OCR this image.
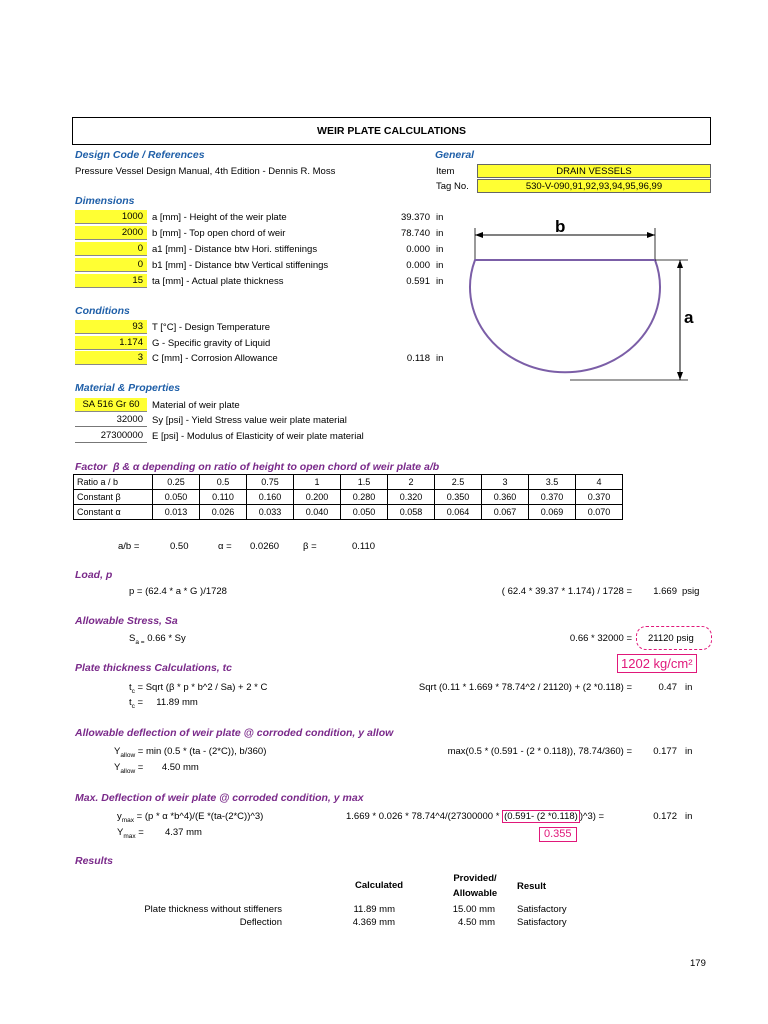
WEIR PLATE CALCULATIONS
Design Code / References
Pressure Vessel Design Manual, 4th Edition - Dennis R. Moss
General
Item	DRAIN VESSELS
Tag No.	530-V-090,91,92,93,94,95,96,99
Dimensions
1000 a [mm] - Height of the weir plate	39.370 in
2000 b [mm] - Top open chord of weir	78.740 in
0 a1 [mm] - Distance btw Hori. stiffenings	0.000 in
0 b1 [mm] - Distance btw Vertical stiffenings	0.000 in
15 ta [mm] - Actual plate thickness	0.591 in
b
a
Conditions
93 T [°C] - Design Temperature
1.174 G - Specific gravity of Liquid
3 C [mm] - Corrosion Allowance	0.118 in
Material & Properties
SA 516 Gr 60	Material of weir plate
32000 Sy [psi] - Yield Stress value weir plate material
27300000 E [psi] - Modulus of Elasticity of weir plate material
Factor β & α depending on ratio of height to open chord of weir plate a/b
Ratio a / b	0.25	0.5	0.75	1	1.5	2	2.5	3	3.5	4
Constant β	0.050	0.110	0.160	0.200	0.280	0.320	0.350	0.360	0.370	0.370
Constant α	0.013	0.026	0.033	0.040	0.050	0.058	0.064	0.067	0.069	0.070
a/b =	0.50	α = 0.0260	β =	0.110
Load, p
p = (62.4 * a * G )/1728	( 62.4 * 39.37 * 1.174) / 1728 =	1.669 psig
Allowable Stress, Sa
$S_{a =}$ 0.66 * Sy	0.66 * 32000 = 21120 psig
1202 kg/cm²
Plate thickness Calculations, tc
$t_c$ = Sqrt (β * p * b^2 / Sa) + 2 * C	Sqrt (0.11 * 1.669 * 78.74^2 / 21120) + (2 *0.118) =	0.47 in
$t_c$ =     11.89 mm
Allowable deflection of weir plate @ corroded condition, y allow
$Y_{allow} = \min (0.5 * (ta - (2*C))$, b/360)	max(0.5 * (0.591 - (2 * 0.118)), 78.74/360) =	0.177 in
$Y_{allow}$ =       4.50 mm
Max. Deflection of weir plate @ corroded condition, y max
$y_{max} = (p * \alpha$ *b^4)/(E *(ta-(2*C))^3)	1.669 * 0.026 * 78.74^4/(27300000 * (0.591- (2 *0.118) )^3) =	0.172 in
$Y_{max}$ =        4.37 mm	0.355
Results
Calculated
Provided/
Allowable
Result
Plate thickness without stiffeners	11.89 mm	15.00 mm Satisfactory
Deflection	4.369 mm	4.50 mm Satisfactory
179
